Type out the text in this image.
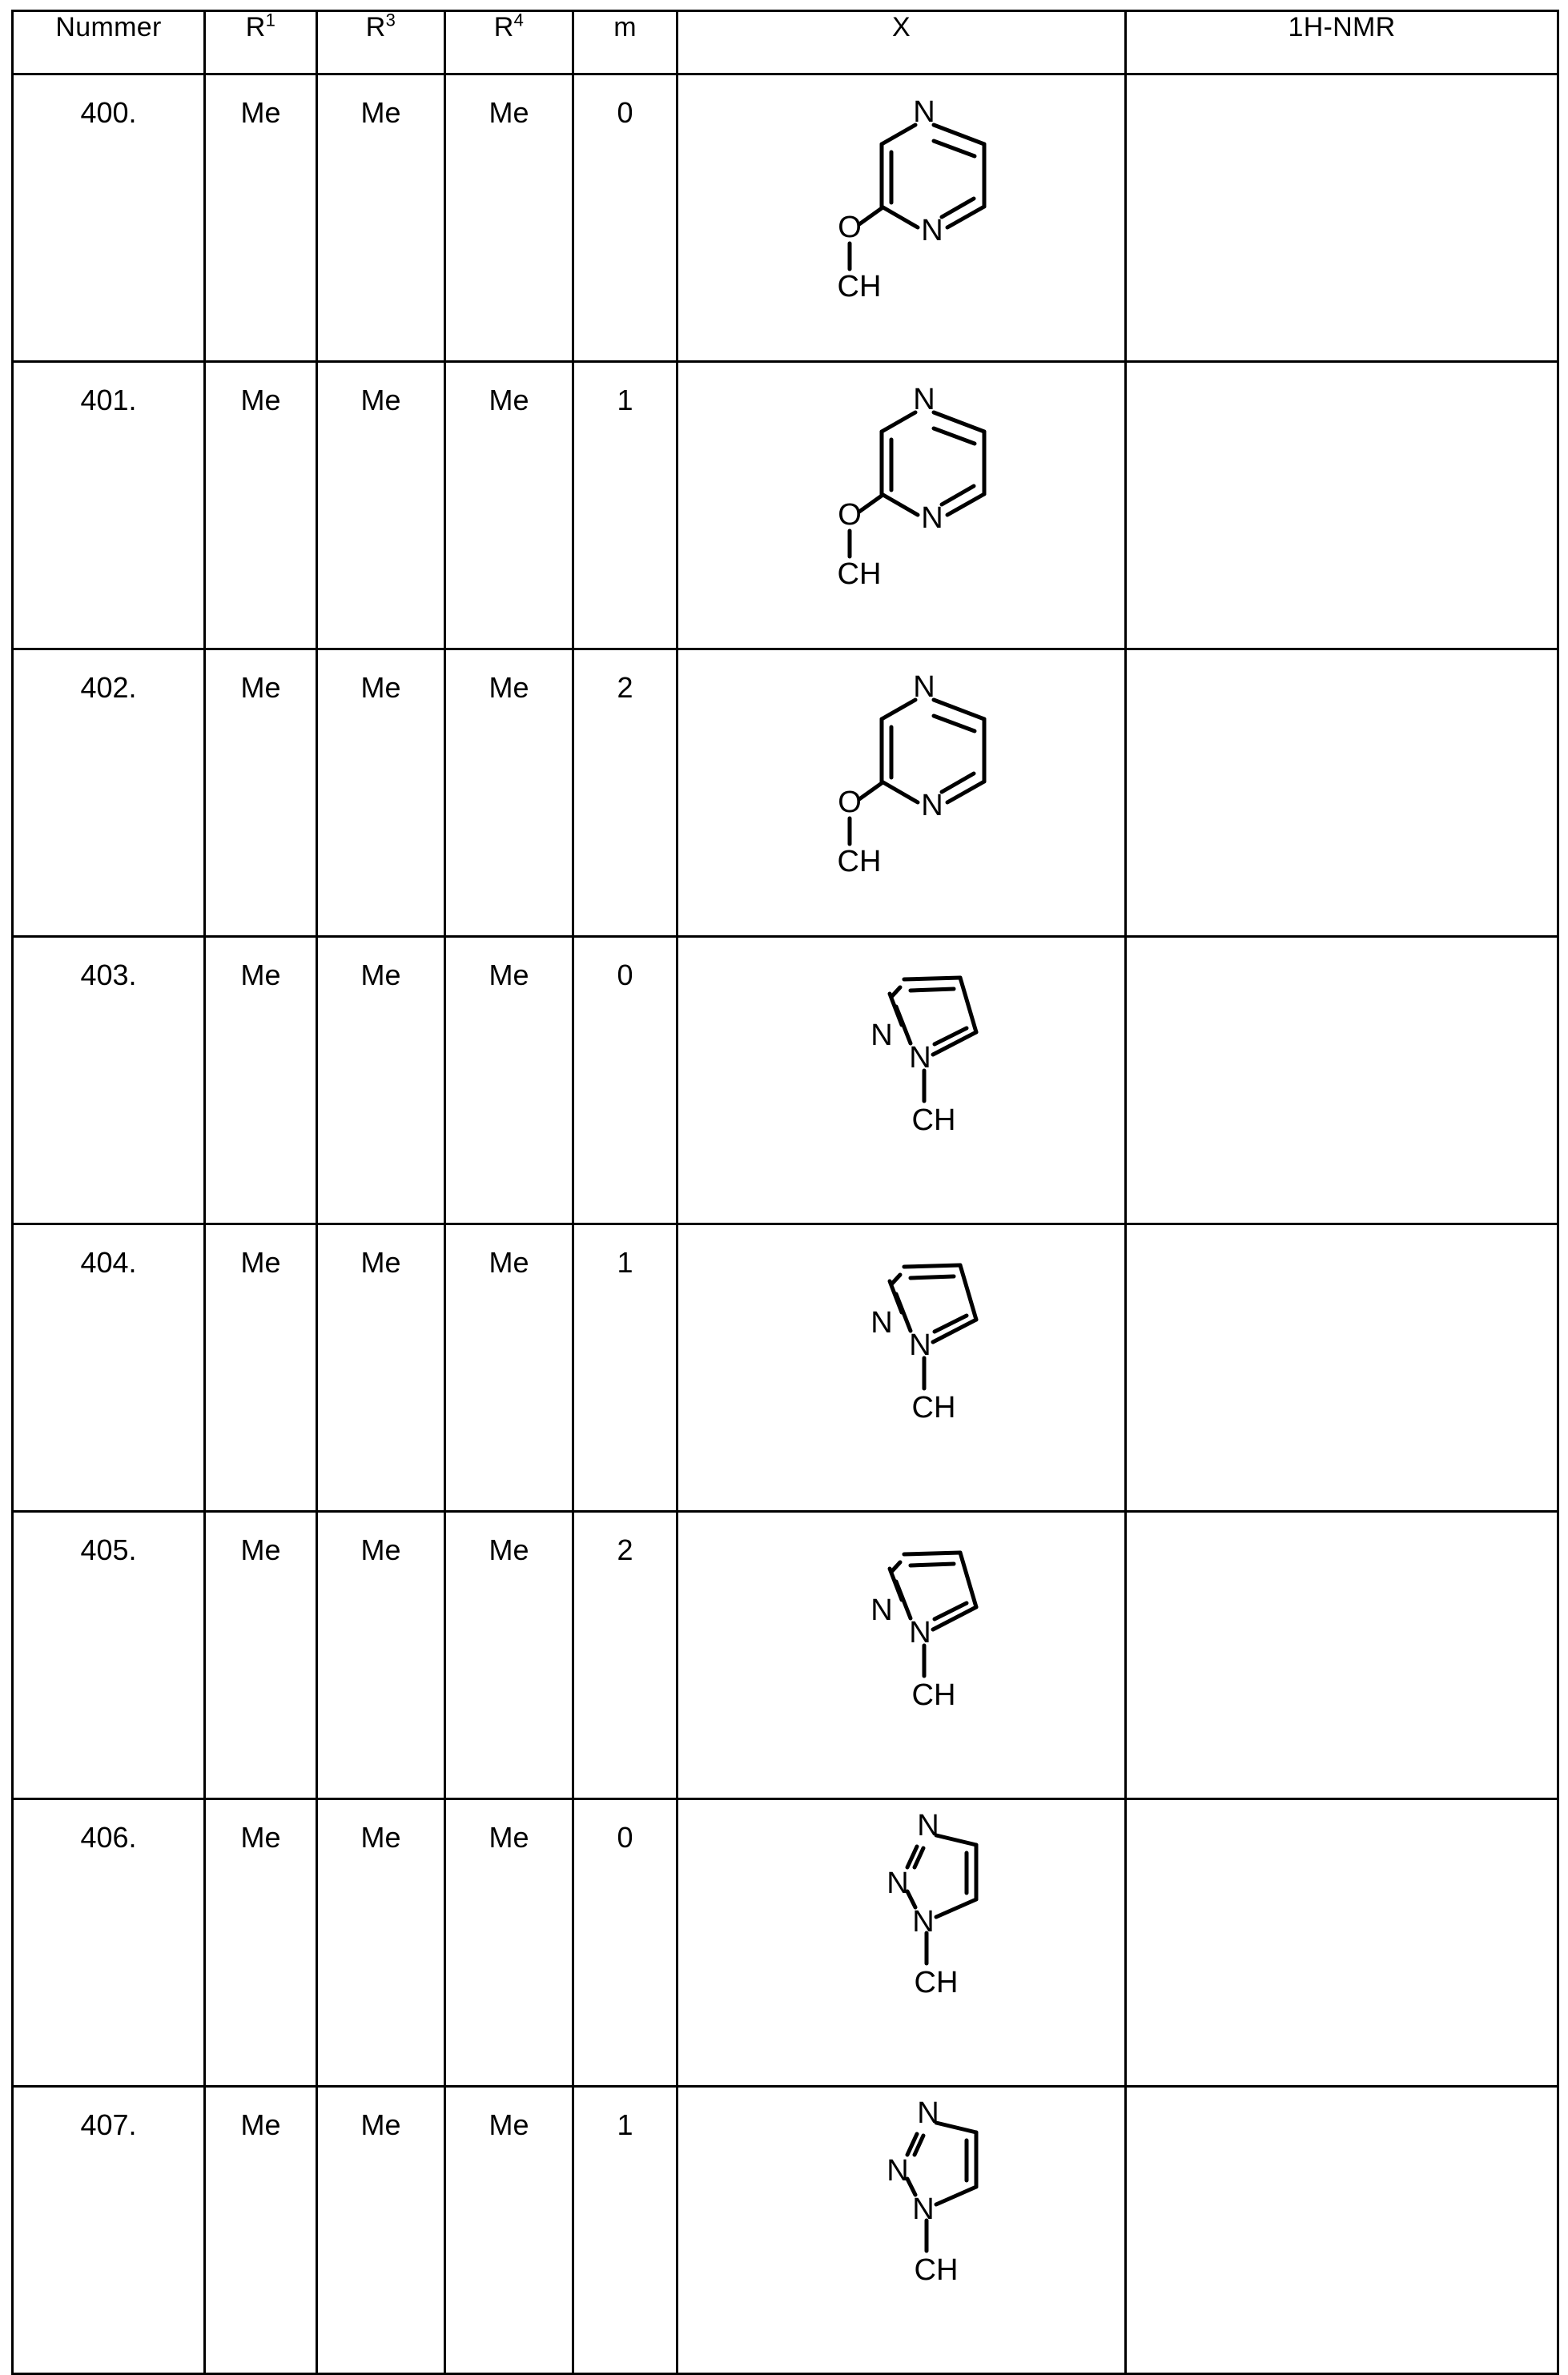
Nummer	$R^1$	$R^3$	$R^4$	m	X	1H-NMR
400.	Me	Me	Me	0	N
N
O
CH	

401.	Me	Me	Me	1	N
N
O
CH	

402.	Me	Me	Me	2	N
N
O
CH	

403.	Me	Me	Me	0	N
N
CH	

404.	Me	Me	Me	1	N
N
CH	

405.	Me	Me	Me	2	N
N
CH	

406.	Me	Me	Me	0	N
N
N
CH	

407.	Me	Me	Me	1	N
N
N
CH	
